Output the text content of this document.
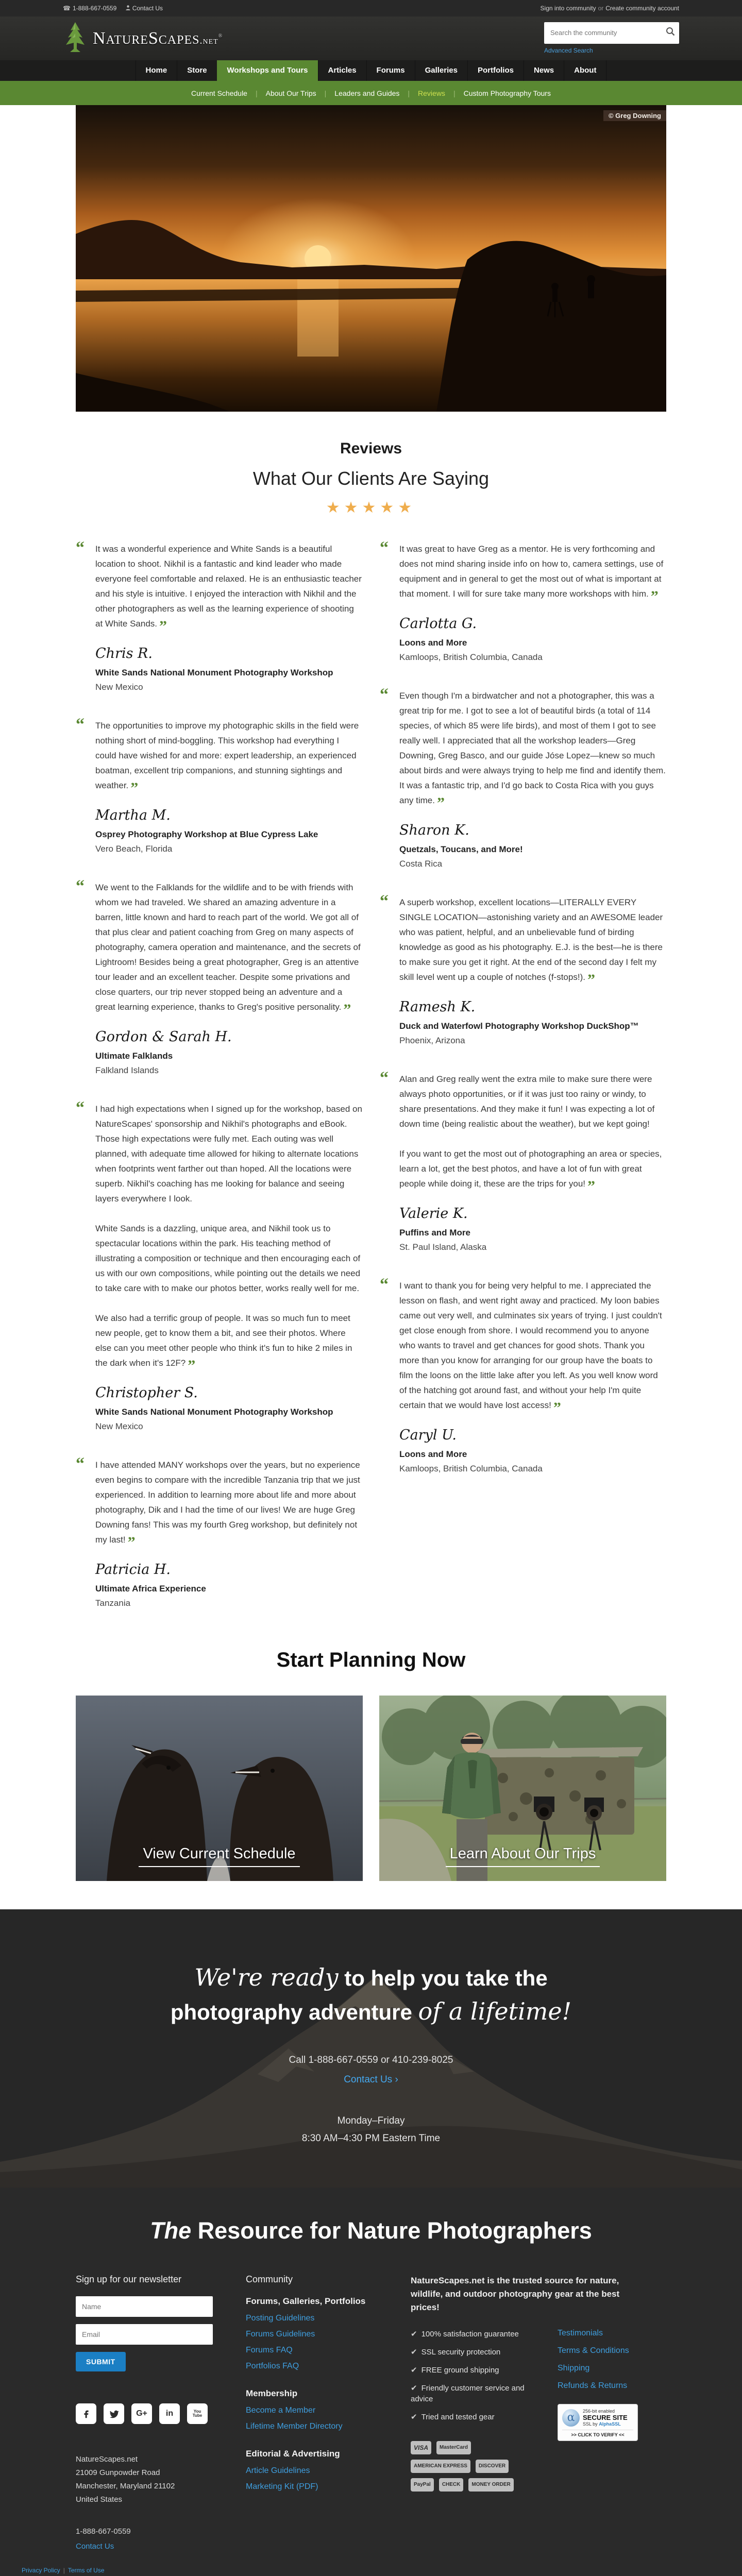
☎ 1-888-667-0559	Contact Us	Sign into community or Create community account
NatureScapes.net®
Search the community
Advanced Search
Home	Store	Workshops and Tours	Articles	Forums	Galleries	Portfolios	News	About
Current Schedule	|	About Our Trips	|	Leaders and Guides	|	Reviews	|	Custom Photography Tours
© Greg Downing
Reviews
What Our Clients Are Saying
★★★★★
“ It was a wonderful experience and White Sands is a beautiful location to shoot. Nikhil is a fantastic and kind leader who made everyone feel comfortable and relaxed. He is an enthusiastic teacher and his style is intuitive. I enjoyed the interaction with Nikhil and the other photographers as well as the learning experience of shooting at White Sands. ”

Chris R.
White Sands National Monument Photography Workshop
New Mexico
“ The opportunities to improve my photographic skills in the field were nothing short of mind-boggling. This workshop had everything I could have wished for and more: expert leadership, an experienced boatman, excellent trip companions, and stunning sightings and weather. ”

Martha M.
Osprey Photography Workshop at Blue Cypress Lake
Vero Beach, Florida
“ We went to the Falklands for the wildlife and to be with friends with whom we had traveled. We shared an amazing adventure in a barren, little known and hard to reach part of the world. We got all of that plus clear and patient coaching from Greg on many aspects of photography, camera operation and maintenance, and the secrets of Lightroom! Besides being a great photographer, Greg is an attentive tour leader and an excellent teacher. Despite some privations and close quarters, our trip never stopped being an adventure and a great learning experience, thanks to Greg's positive personality. ”

Gordon & Sarah H.
Ultimate Falklands
Falkland Islands
“ I had high expectations when I signed up for the workshop, based on NatureScapes' sponsorship and Nikhil's photographs and eBook. Those high expectations were fully met. Each outing was well planned, with adequate time allowed for hiking to alternate locations when footprints went farther out than hoped. All the locations were superb. Nikhil's coaching has me looking for balance and seeing layers everywhere I look.

White Sands is a dazzling, unique area, and Nikhil took us to spectacular locations within the park. His teaching method of illustrating a composition or technique and then encouraging each of us with our own compositions, while pointing out the details we need to take care with to make our photos better, works really well for me.

We also had a terrific group of people. It was so much fun to meet new people, get to know them a bit, and see their photos. Where else can you meet other people who think it's fun to hike 2 miles in the dark when it's 12F? ”

Christopher S.
White Sands National Monument Photography Workshop
New Mexico
“ I have attended MANY workshops over the years, but no experience even begins to compare with the incredible Tanzania trip that we just experienced. In addition to learning more about life and more about photography, Dik and I had the time of our lives! We are huge Greg Downing fans! This was my fourth Greg workshop, but definitely not my last! ”

Patricia H.
Ultimate Africa Experience
Tanzania
“ It was great to have Greg as a mentor. He is very forthcoming and does not mind sharing inside info on how to, camera settings, use of equipment and in general to get the most out of what is important at that moment. I will for sure take many more workshops with him. ”

Carlotta G.
Loons and More
Kamloops, British Columbia, Canada
“ Even though I'm a birdwatcher and not a photographer, this was a great trip for me. I got to see a lot of beautiful birds (a total of 114 species, of which 85 were life birds), and most of them I got to see really well. I appreciated that all the workshop leaders—Greg Downing, Greg Basco, and our guide Jóse Lopez—knew so much about birds and were always trying to help me find and identify them. It was a fantastic trip, and I'd go back to Costa Rica with you guys any time. ”

Sharon K.
Quetzals, Toucans, and More!
Costa Rica
“ A superb workshop, excellent locations—LITERALLY EVERY SINGLE LOCATION—astonishing variety and an AWESOME leader who was patient, helpful, and an unbelievable fund of birding knowledge as good as his photography. E.J. is the best—he is there to make sure you get it right. At the end of the second day I felt my skill level went up a couple of notches (f-stops!). ”

Ramesh K.
Duck and Waterfowl Photography Workshop DuckShop™
Phoenix, Arizona
“ Alan and Greg really went the extra mile to make sure there were always photo opportunities, or if it was just too rainy or windy, to share presentations. And they make it fun! I was expecting a lot of down time (being realistic about the weather), but we kept going!

If you want to get the most out of photographing an area or species, learn a lot, get the best photos, and have a lot of fun with great people while doing it, these are the trips for you! ”

Valerie K.
Puffins and More
St. Paul Island, Alaska
“ I want to thank you for being very helpful to me. I appreciated the lesson on flash, and went right away and practiced. My loon babies came out very well, and culminates six years of trying. I just couldn't get close enough from shore. I would recommend you to anyone who wants to travel and get chances for good shots. Thank you more than you know for arranging for our group have the boats to film the loons on the little lake after you left. As you well know word of the hatching got around fast, and without your help I'm quite certain that we would have lost access! ”

Caryl U.
Loons and More
Kamloops, British Columbia, Canada
Start Planning Now
View Current Schedule	Learn About Our Trips
We're ready to help you take the
photography adventure of a lifetime!
Call 1-888-667-0559 or 410-239-8025
Contact Us ›
Monday–Friday
8:30 AM–4:30 PM Eastern Time
The Resource for Nature Photographers
Sign up for our newsletter
Name
Email SUBMIT
G+	in	You
Tube
NatureScapes.net
21009 Gunpowder Road
Manchester, Maryland 21102
United States
1-888-667-0559
Contact Us
Community
Forums, Galleries, Portfolios
Posting Guidelines
Forums Guidelines
Forums FAQ
Portfolios FAQ
Membership
Become a Member
Lifetime Member Directory
Editorial & Advertising
Article Guidelines
Marketing Kit (PDF)
NatureScapes.net is the trusted source for nature, wildlife, and outdoor photography gear at the best prices!
✔ 100% satisfaction guarantee
✔ SSL security protection
✔ FREE ground shipping
✔ Friendly customer service and advice
✔ Tried and tested gear
VISA	MasterCard
AMERICAN EXPRESS	DISCOVER
PayPal	CHECK	MONEY ORDER
Testimonials
Terms & Conditions
Shipping
Refunds & Returns
α	256-bit enabled
SECURE SITE
SSL by AlphaSSL
>> CLICK TO VERIFY <<
Privacy Policy | Terms of Use
